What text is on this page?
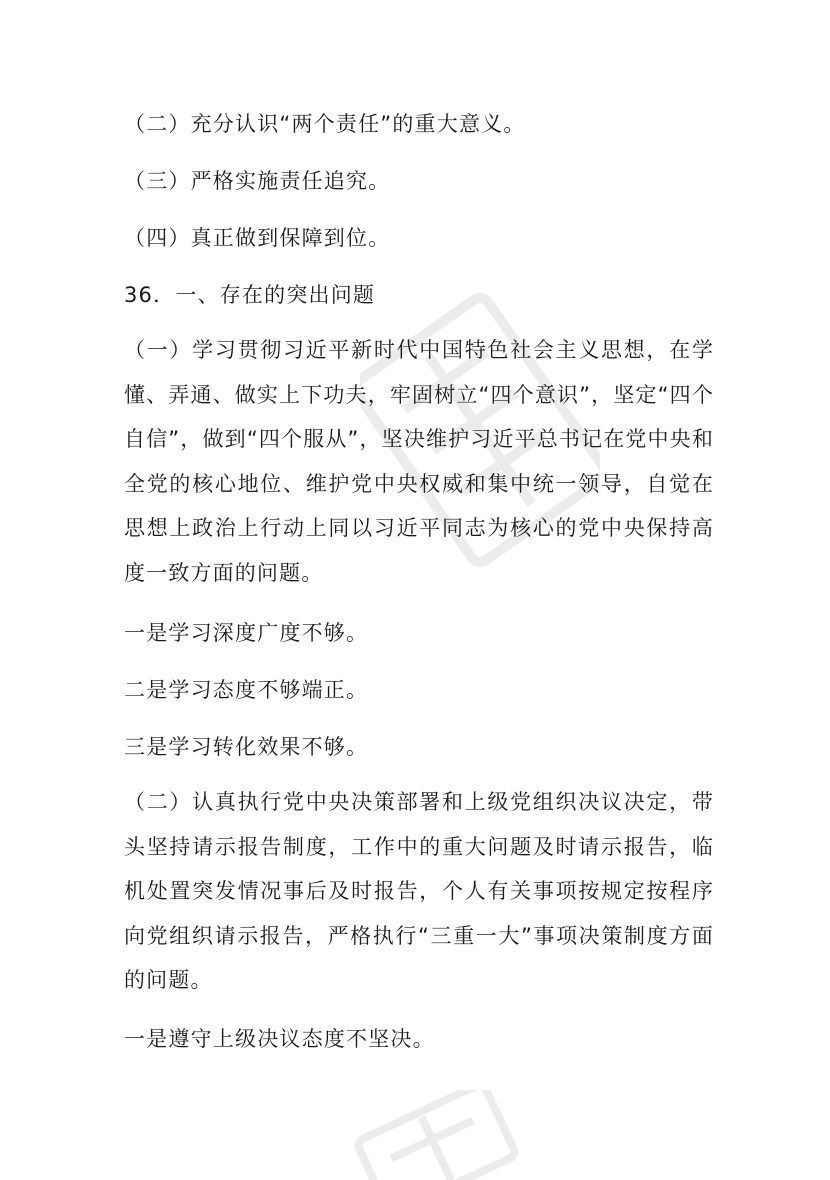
（二）充分认识“两个责任”的重大意义。
（三）严格实施责任追究。
（四）真正做到保障到位。
36．一、存在的突出问题
（一）学习贯彻习近平新时代中国特色社会主义思想，在学懂、弄通、做实上下功夫，牢固树立“四个意识”，坚定“四个自信”，做到“四个服从”，坚决维护习近平总书记在党中央和全党的核心地位、维护党中央权威和集中统一领导，自觉在思想上政治上行动上同以习近平同志为核心的党中央保持高度一致方面的问题。
一是学习深度广度不够。
二是学习态度不够端正。
三是学习转化效果不够。
（二）认真执行党中央决策部署和上级党组织决议决定，带头坚持请示报告制度，工作中的重大问题及时请示报告，临机处置突发情况事后及时报告，个人有关事项按规定按程序向党组织请示报告，严格执行“三重一大”事项决策制度方面的问题。
一是遵守上级决议态度不坚决。
